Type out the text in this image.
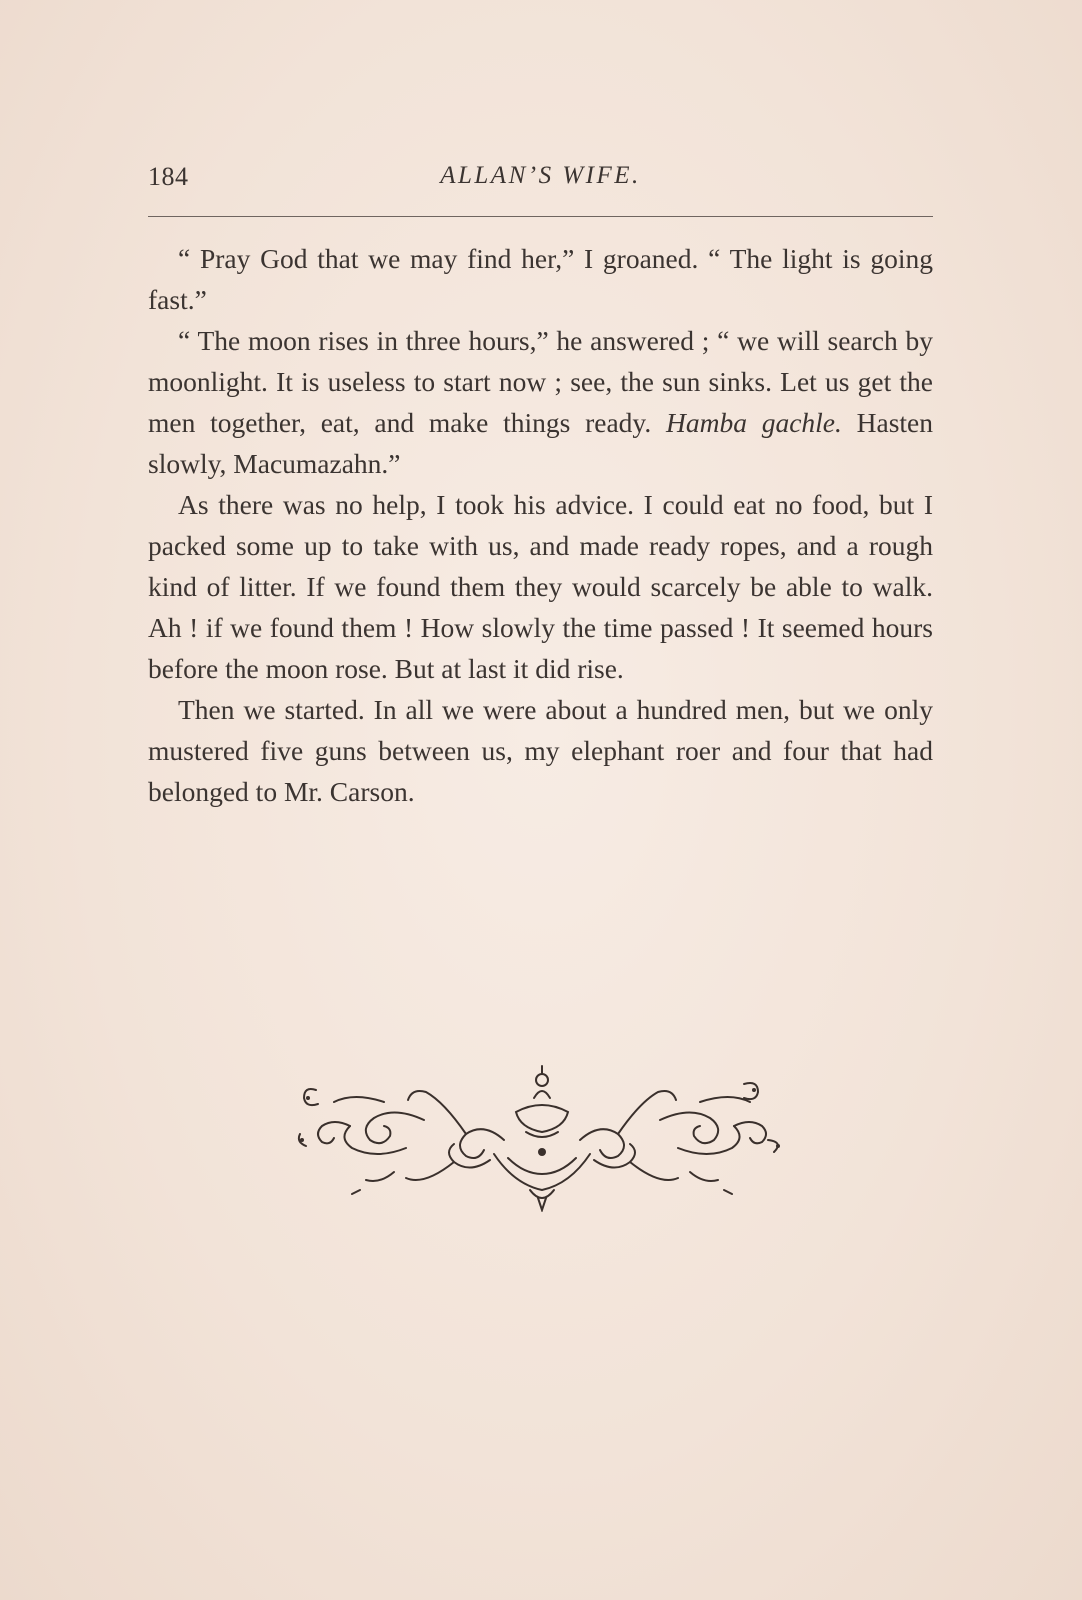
184	ALLAN’S WIFE.

“ Pray God that we may find her,” I groaned. “ The light is going fast.”

“ The moon rises in three hours,” he answered ; “ we will search by moonlight. It is useless to start now ; see, the sun sinks. Let us get the men together, eat, and make things ready. Hamba gachle. Hasten slowly, Macumazahn.”

As there was no help, I took his advice. I could eat no food, but I packed some up to take with us, and made ready ropes, and a rough kind of litter. If we found them they would scarcely be able to walk. Ah ! if we found them ! How slowly the time passed ! It seemed hours before the moon rose. But at last it did rise.

Then we started. In all we were about a hundred men, but we only mustered five guns between us, my elephant roer and four that had belonged to Mr. Carson.
